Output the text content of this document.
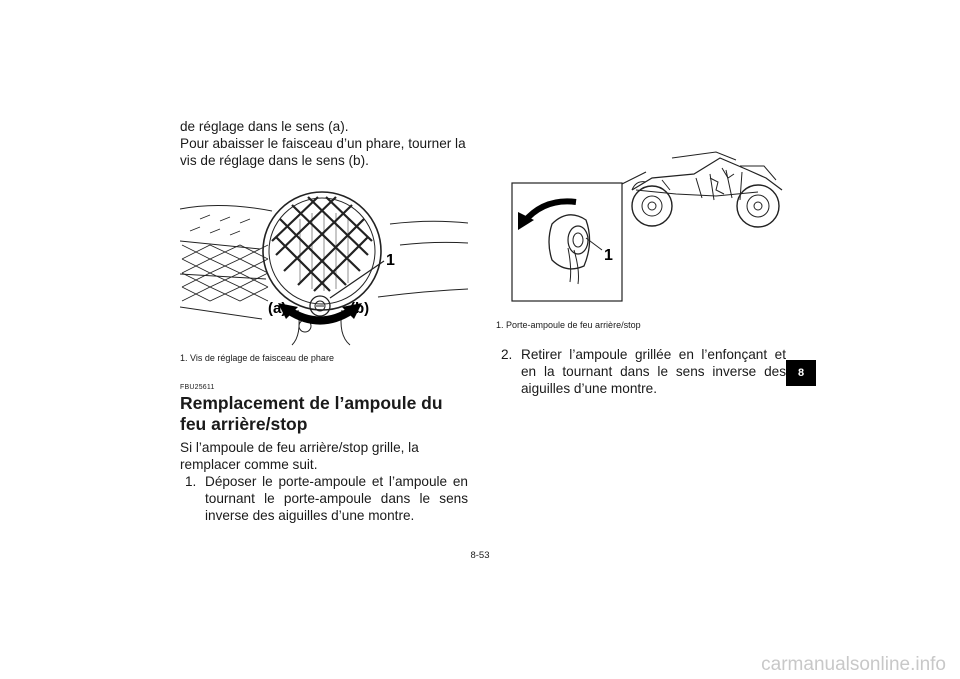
de réglage dans le sens (a).

Pour abaisser le faisceau d’un phare, tourner la vis de réglage dans le sens (b).

1
(a)	(b)

1. Vis de réglage de faisceau de phare

FBU25611

Remplacement de l’ampoule du feu arrière/stop

Si l’ampoule de feu arrière/stop grille, la remplacer comme suit.

1. Déposer le porte-ampoule et l’ampoule en tournant le porte-ampoule dans le sens inverse des aiguilles d’une montre.

1

1. Porte-ampoule de feu arrière/stop

2. Retirer l’ampoule grillée en l’enfonçant et en la tournant dans le sens inverse des aiguilles d’une montre.

8
8-53
carmanualsonline.info
